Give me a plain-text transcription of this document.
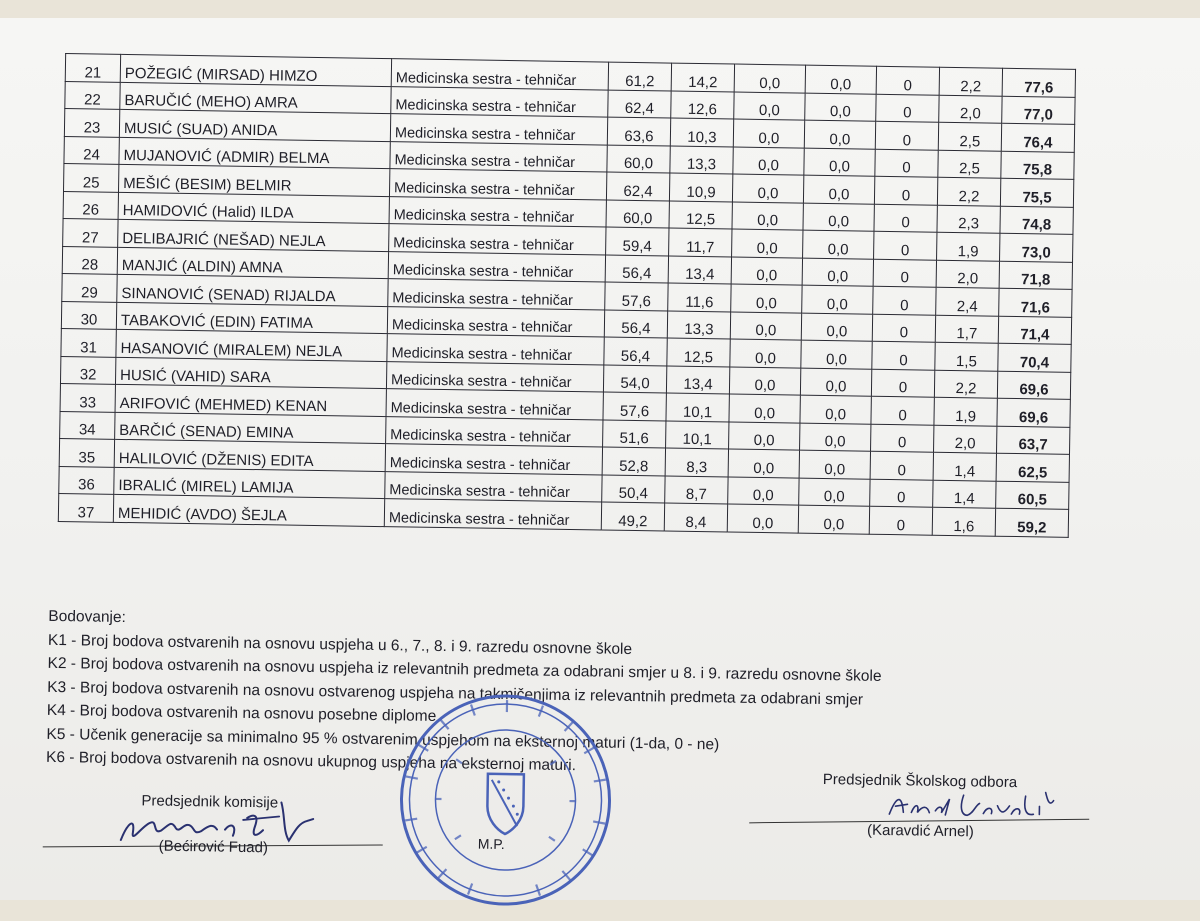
21	POŽEGIĆ (MIRSAD) HIMZO	Medicinska sestra - tehničar	61,2	14,2	0,0	0,0	0	2,2	77,6
22	BARUČIĆ (MEHO) AMRA	Medicinska sestra - tehničar	62,4	12,6	0,0	0,0	0	2,0	77,0
23	MUSIĆ (SUAD) ANIDA	Medicinska sestra - tehničar	63,6	10,3	0,0	0,0	0	2,5	76,4
24	MUJANOVIĆ (ADMIR) BELMA	Medicinska sestra - tehničar	60,0	13,3	0,0	0,0	0	2,5	75,8
25	MEŠIĆ (BESIM) BELMIR	Medicinska sestra - tehničar	62,4	10,9	0,0	0,0	0	2,2	75,5
26	HAMIDOVIĆ (Halid) ILDA	Medicinska sestra - tehničar	60,0	12,5	0,0	0,0	0	2,3	74,8
27	DELIBAJRIĆ (NEŠAD) NEJLA	Medicinska sestra - tehničar	59,4	11,7	0,0	0,0	0	1,9	73,0
28	MANJIĆ (ALDIN) AMNA	Medicinska sestra - tehničar	56,4	13,4	0,0	0,0	0	2,0	71,8
29	SINANOVIĆ (SENAD) RIJALDA	Medicinska sestra - tehničar	57,6	11,6	0,0	0,0	0	2,4	71,6
30	TABAKOVIĆ (EDIN) FATIMA	Medicinska sestra - tehničar	56,4	13,3	0,0	0,0	0	1,7	71,4
31	HASANOVIĆ (MIRALEM) NEJLA	Medicinska sestra - tehničar	56,4	12,5	0,0	0,0	0	1,5	70,4
32	HUSIĆ (VAHID) SARA	Medicinska sestra - tehničar	54,0	13,4	0,0	0,0	0	2,2	69,6
33	ARIFOVIĆ (MEHMED) KENAN	Medicinska sestra - tehničar	57,6	10,1	0,0	0,0	0	1,9	69,6
34	BARČIĆ (SENAD) EMINA	Medicinska sestra - tehničar	51,6	10,1	0,0	0,0	0	2,0	63,7
35	HALILOVIĆ (DŽENIS) EDITA	Medicinska sestra - tehničar	52,8	8,3	0,0	0,0	0	1,4	62,5
36	IBRALIĆ (MIREL) LAMIJA	Medicinska sestra - tehničar	50,4	8,7	0,0	0,0	0	1,4	60,5
37	MEHIDIĆ (AVDO) ŠEJLA	Medicinska sestra - tehničar	49,2	8,4	0,0	0,0	0	1,6	59,2
Bodovanje:
K1 - Broj bodova ostvarenih na osnovu uspjeha u 6., 7., 8. i 9. razredu osnovne škole
K2 - Broj bodova ostvarenih na osnovu uspjeha iz relevantnih predmeta za odabrani smjer u 8. i 9. razredu osnovne škole
K3 - Broj bodova ostvarenih na osnovu ostvarenog uspjeha na takmičenjima iz relevantnih predmeta za odabrani smjer
K4 - Broj bodova ostvarenih na osnovu posebne diplome
K5 - Učenik generacije sa minimalno 95 % ostvarenim uspjehom na eksternoj maturi (1-da, 0 - ne)
K6 - Broj bodova ostvarenih na osnovu ukupnog uspjeha na eksternoj maturi.
Predsjednik komisije
(Bećirović Fuad)
Predsjednik Školskog odbora
(Karavdić Arnel)
M.P.
